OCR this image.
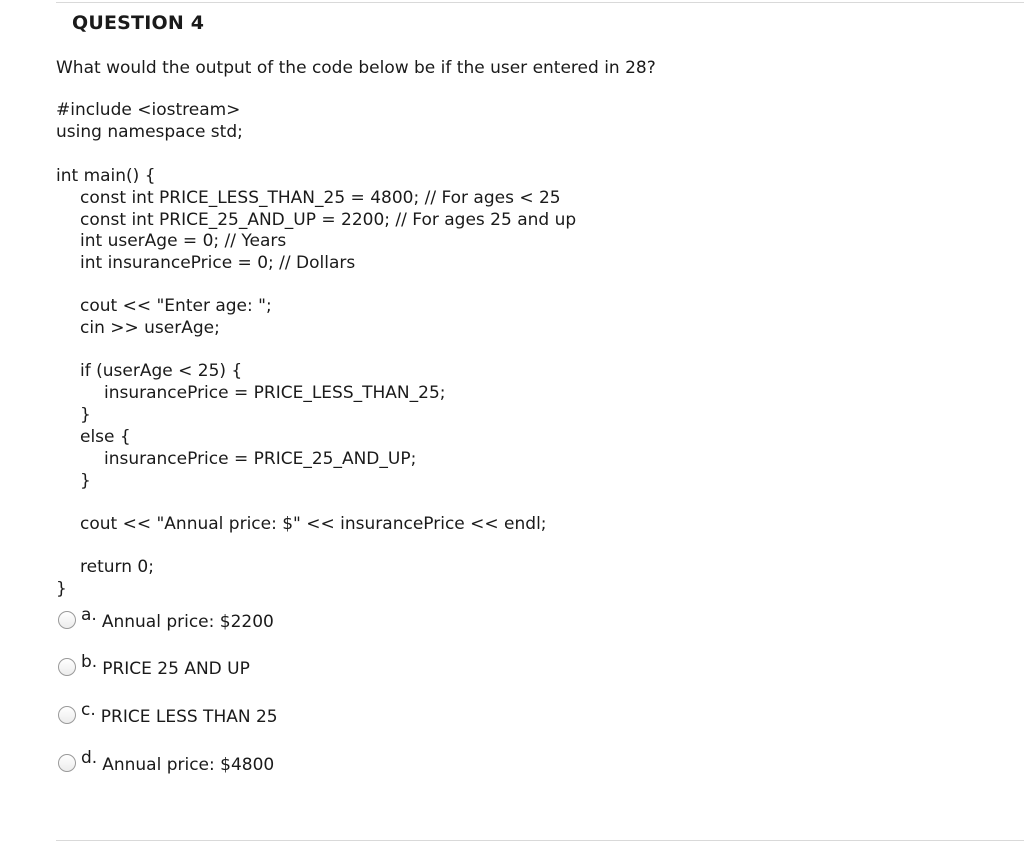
QUESTION 4
What would the output of the code below be if the user entered in 28?
#include <iostream>
using namespace std;
int main() {
const int PRICE_LESS_THAN_25 = 4800; // For ages < 25
const int PRICE_25_AND_UP = 2200; // For ages 25 and up
int userAge = 0; // Years
int insurancePrice = 0; // Dollars
cout << "Enter age: ";
cin >> userAge;
if (userAge < 25) {
insurancePrice = PRICE_LESS_THAN_25;
}
else {
insurancePrice = PRICE_25_AND_UP;
}
cout << "Annual price: $" << insurancePrice << endl;
return 0;
}
a. Annual price: $2200
b. PRICE 25 AND UP
c. PRICE LESS THAN 25
d. Annual price: $4800
